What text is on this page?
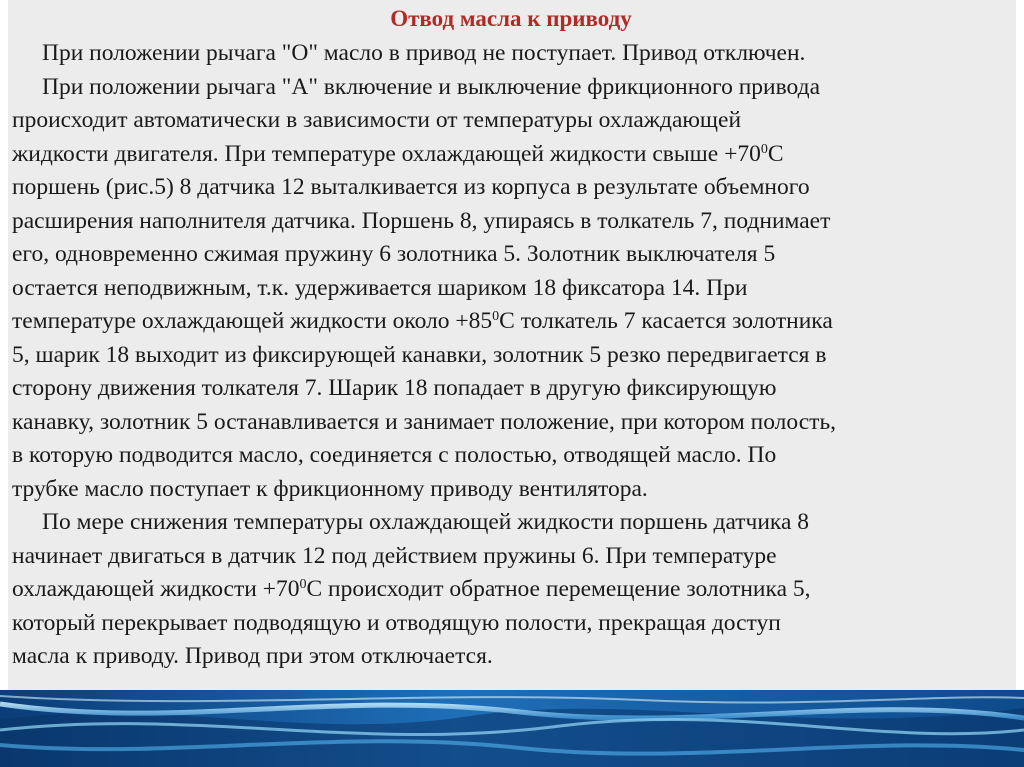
Отвод масла к приводу

При положении рычага "О" масло в привод не поступает. Привод отключен.

При положении рычага "А" включение и выключение фрикционного привода
происходит автоматически в зависимости от температуры охлаждающей
жидкости двигателя. При температуре охлаждающей жидкости свыше $+70^0С$
поршень (рис.5) 8 датчика 12 выталкивается из корпуса в результате объемного
расширения наполнителя датчика. Поршень 8, упираясь в толкатель 7, поднимает
его, одновременно сжимая пружину 6 золотника 5. Золотник выключателя 5
остается неподвижным, т.к. удерживается шариком 18 фиксатора 14. При
температуре охлаждающей жидкости около $+85^0С$ толкатель 7 касается золотника
5, шарик 18 выходит из фиксирующей канавки, золотник 5 резко передвигается в
сторону движения толкателя 7. Шарик 18 попадает в другую фиксирующую
канавку, золотник 5 останавливается и занимает положение, при котором полость,
в которую подводится масло, соединяется с полостью, отводящей масло. По
трубке масло поступает к фрикционному приводу вентилятора.

По мере снижения температуры охлаждающей жидкости поршень датчика 8
начинает двигаться в датчик 12 под действием пружины 6. При температуре
охлаждающей жидкости $+70^0С$ происходит обратное перемещение золотника 5,
который перекрывает подводящую и отводящую полости, прекращая доступ
масла к приводу. Привод при этом отключается.
